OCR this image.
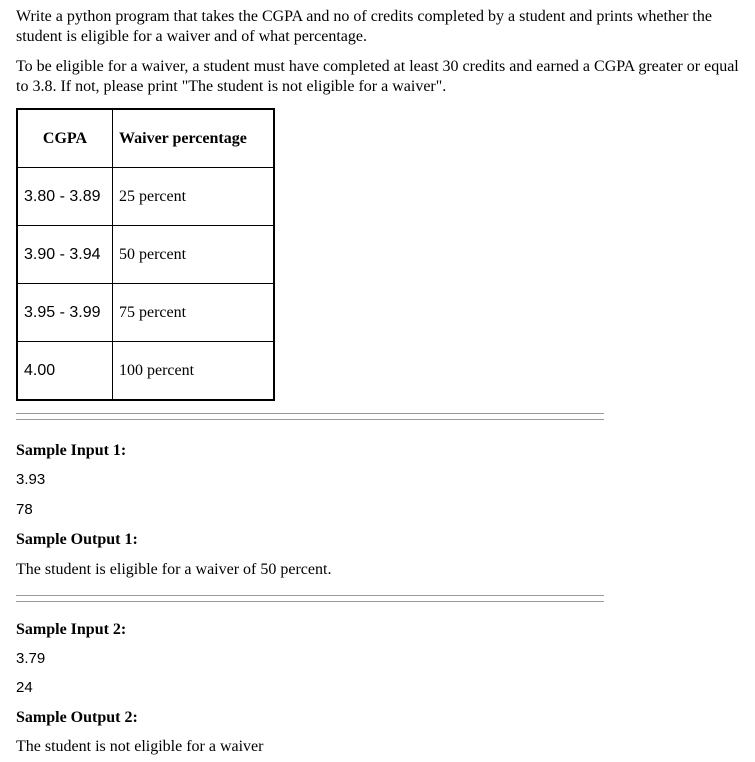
Write a python program that takes the CGPA and no of credits completed by a student and prints whether the student is eligible for a waiver and of what percentage.

To be eligible for a waiver, a student must have completed at least 30 credits and earned a CGPA greater or equal to 3.8. If not, please print "The student is not eligible for a waiver".

CGPA	Waiver percentage
3.80 - 3.89	25 percent
3.90 - 3.94	50 percent
3.95 - 3.99	75 percent
4.00	100 percent

Sample Input 1:

3.93

78

Sample Output 1:

The student is eligible for a waiver of 50 percent.

Sample Input 2:

3.79

24

Sample Output 2:

The student is not eligible for a waiver
